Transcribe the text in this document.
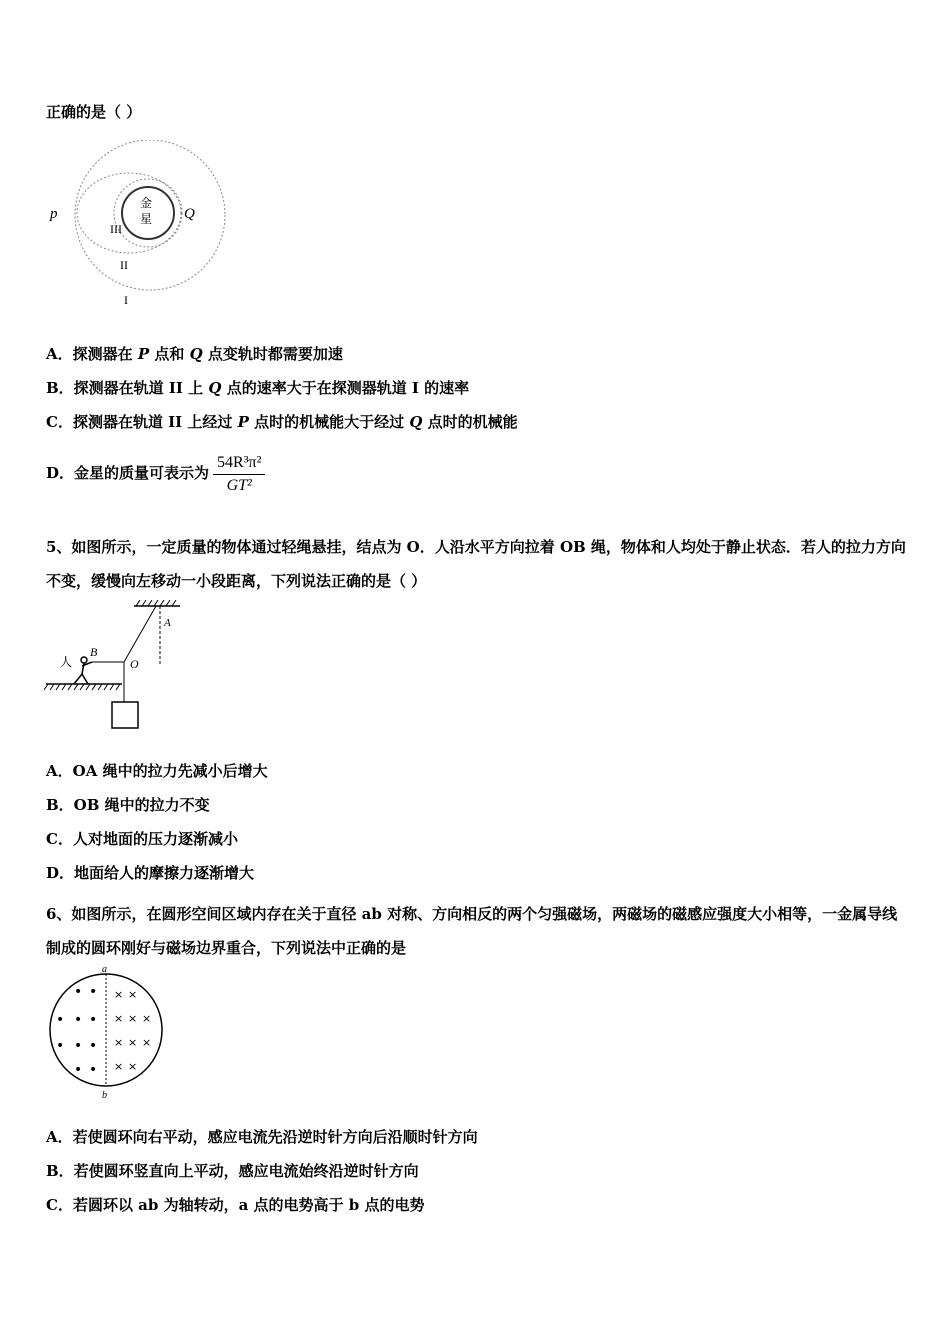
正确的是（ ）
p	Q
金
星
III
II
I
A．探测器在 P 点和 Q 点变轨时都需要加速
B．探测器在轨道 II 上 Q 点的速率大于在探测器轨道 I 的速率
C．探测器在轨道 II 上经过 P 点时的机械能大于经过 Q 点时的机械能
D．金星的质量可表示为 $\frac{\text{54R³π²}}{\text{GT²}}$
5、如图所示，一定质量的物体通过轻绳悬挂，结点为 O．人沿水平方向拉着 OB 绳，物体和人均处于静止状态．若人的拉力方向不变，缓慢向左移动一小段距离，下列说法正确的是（ ）
人
B
O
A
A．OA 绳中的拉力先减小后增大
B．OB 绳中的拉力不变
C．人对地面的压力逐渐减小
D．地面给人的摩擦力逐渐增大
6、如图所示，在圆形空间区域内存在关于直径 ab 对称、方向相反的两个匀强磁场，两磁场的磁感应强度大小相等，一金属导线制成的圆环刚好与磁场边界重合，下列说法中正确的是
a
b
• •
• • •
• • •
• •
× ×
× × ×
× × ×
× ×
A．若使圆环向右平动，感应电流先沿逆时针方向后沿顺时针方向
B．若使圆环竖直向上平动，感应电流始终沿逆时针方向
C．若圆环以 ab 为轴转动，a 点的电势高于 b 点的电势
